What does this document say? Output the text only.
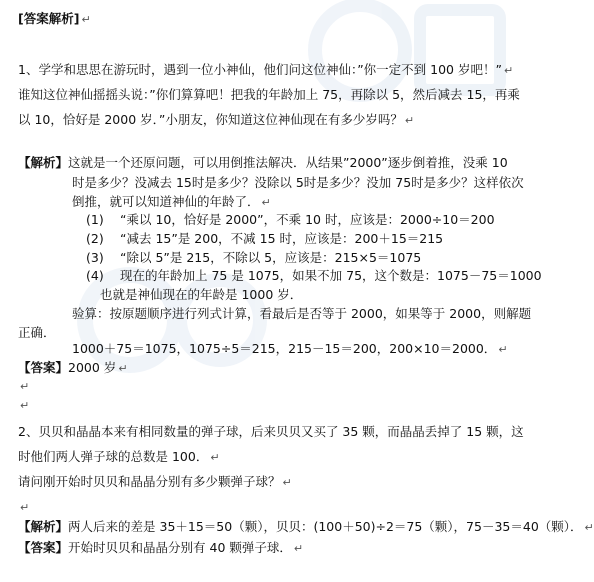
[答案解析] ↵
1、学学和思思在游玩时，遇到一位小神仙，他们问这位神仙：”你一定不到 100 岁吧！” ↵
谁知这位神仙摇摇头说：”你们算算吧！把我的年龄加上 75，再除以 5，然后减去 15，再乘
以 10，恰好是 2000 岁．”小朋友，你知道这位神仙现在有多少岁吗？ ↵
【解析】这就是一个还原问题，可以用倒推法解决．从结果”2000”逐步倒着推，没乘 10
时是多少？没减去 15时是多少？没除以 5时是多少？没加 75时是多少？这样依次
倒推，就可以知道神仙的年龄了． ↵
(1) “乘以 10，恰好是 2000”，不乘 10 时，应该是：2000÷10＝200
(2) “减去 15”是 200，不减 15 时，应该是：200＋15＝215
(3) “除以 5”是 215，不除以 5，应该是：215×5＝1075
(4) 现在的年龄加上 75 是 1075，如果不加 75，这个数是：1075－75＝1000
也就是神仙现在的年龄是 1000 岁．
验算：按原题顺序进行列式计算，看最后是否等于 2000，如果等于 2000，则解题
正确．
1000＋75＝1075，1075÷5＝215，215－15＝200，200×10＝2000． ↵
【答案】2000 岁 ↵
↵
↵
2、贝贝和晶晶本来有相同数量的弹子球，后来贝贝又买了 35 颗，而晶晶丢掉了 15 颗，这
时他们两人弹子球的总数是 100． ↵
请问刚开始时贝贝和晶晶分别有多少颗弹子球？ ↵
↵
【解析】两人后来的差是 35＋15＝50（颗），贝贝：(100＋50)÷2＝75（颗），75－35＝40（颗）． ↵
【答案】开始时贝贝和晶晶分别有 40 颗弹子球． ↵
